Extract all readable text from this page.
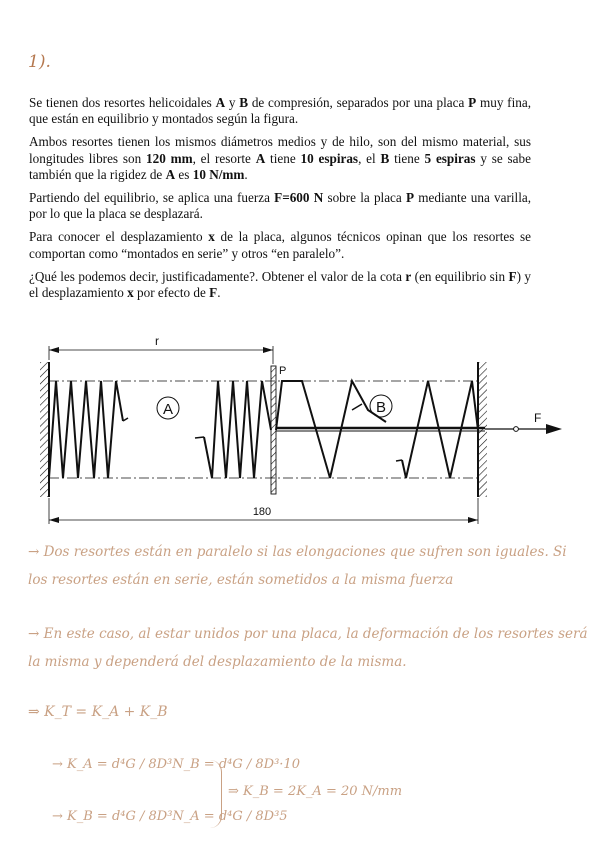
1).

Se tienen dos resortes helicoidales A y B de compresión, separados por una placa P muy fina, que están en equilibrio y montados según la figura.

Ambos resortes tienen los mismos diámetros medios y de hilo, son del mismo material, sus longitudes libres son 120 mm, el resorte A tiene 10 espiras, el B tiene 5 espiras y se sabe también que la rigidez de A es 10 N/mm.

Partiendo del equilibrio, se aplica una fuerza F=600 N sobre la placa P mediante una varilla, por lo que la placa se desplazará.

Para conocer el desplazamiento x de la placa, algunos técnicos opinan que los resortes se comportan como “montados en serie” y otros “en paralelo”.

¿Qué les podemos decir, justificadamente?. Obtener el valor de la cota r (en equilibrio sin F) y el desplazamiento x por efecto de F.

A	B
r
P
F
180
→ Dos resortes están en paralelo si las elongaciones que sufren son iguales. Si los resortes están en serie, están sometidos a la misma fuerza
→ En este caso, al estar unidos por una placa, la deformación de los resortes será la misma y dependerá del desplazamiento de la misma.
⇒ K_T = K_A + K_B
→ K_A = d⁴G / 8D³N_B = d⁴G / 8D³·10
→ K_B = d⁴G / 8D³N_A = d⁴G / 8D³5
⇒ K_B = 2K_A = 20 N/mm
